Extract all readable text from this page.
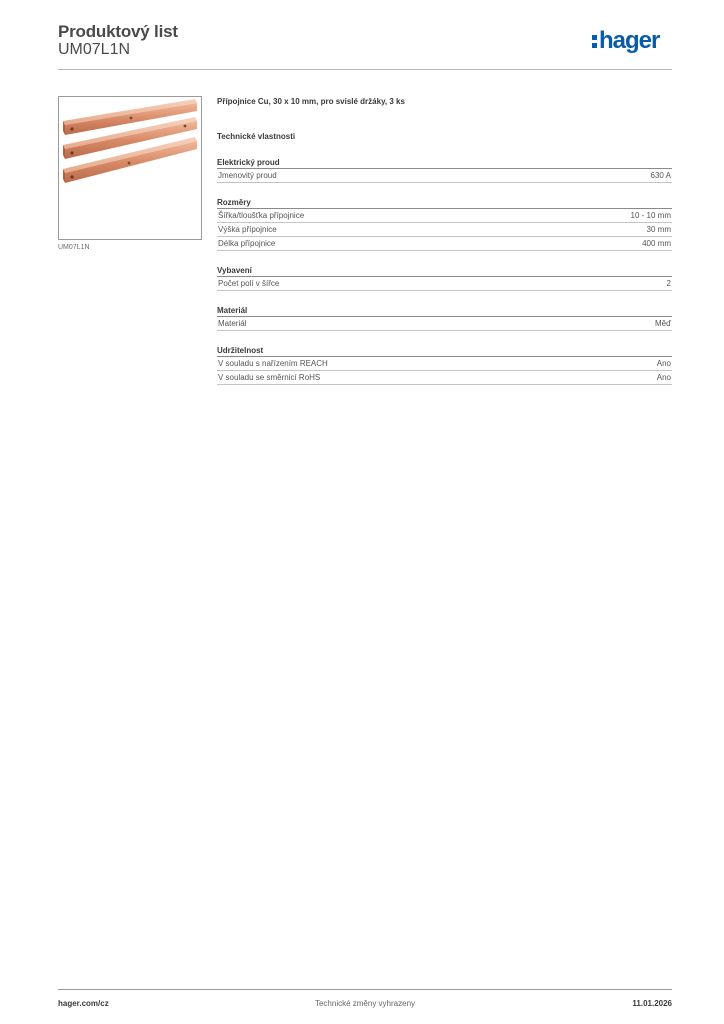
Produktový list
UM07L1N	hager
UM07L1N
Přípojnice Cu, 30 x 10 mm, pro svislé držáky, 3 ks
Technické vlastnosti
Elektrický proud
Jmenovitý proud	630 A
Rozměry
Šířka/tloušťka přípojnice	10 - 10 mm
Výška přípojnice	30 mm
Délka přípojnice	400 mm
Vybavení
Počet polí v šířce	2
Materiál
Materiál	Měď
Udržitelnost
V souladu s nařízením REACH	Ano
V souladu se směrnicí RoHS	Ano
hager.com/cz	Technické změny vyhrazeny	11.01.2026
